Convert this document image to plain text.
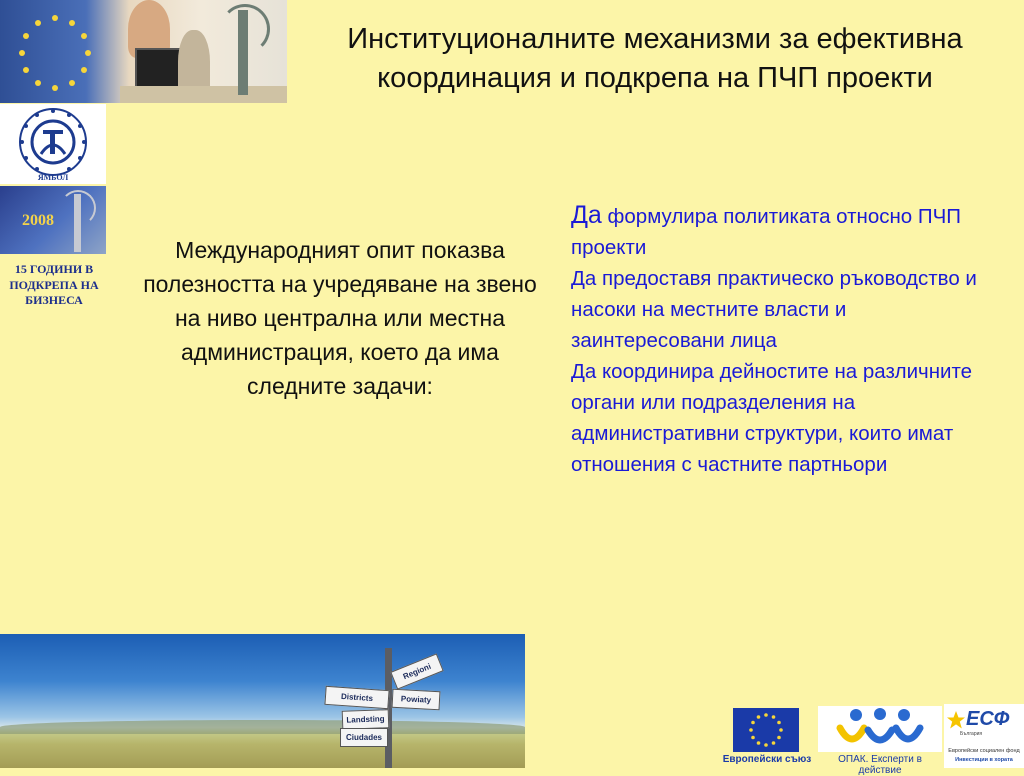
ЯМБОЛ
2008
15 ГОДИНИ В ПОДКРЕПА НА БИЗНЕСА
Институционалните механизми за ефективна координация и подкрепа на ПЧП проекти
Международният опит показва полезността на учредяване на звено на ниво централна или местна администрация, което да има следните задачи:

Да формулира политиката относно ПЧП проекти

Да предоставя практическо ръководство и насоки на местните власти и заинтересовани лица

Да координира дейностите на различните органи или подразделения на административни структури, които имат отношения с частните партньори

Regioni
Districts	Powiaty
Landsting
Ciudades
Европейски съюз	ОПАК. Експерти в действие
ЕСФ
България
Европейски социален фонд
Инвестиции в хората
